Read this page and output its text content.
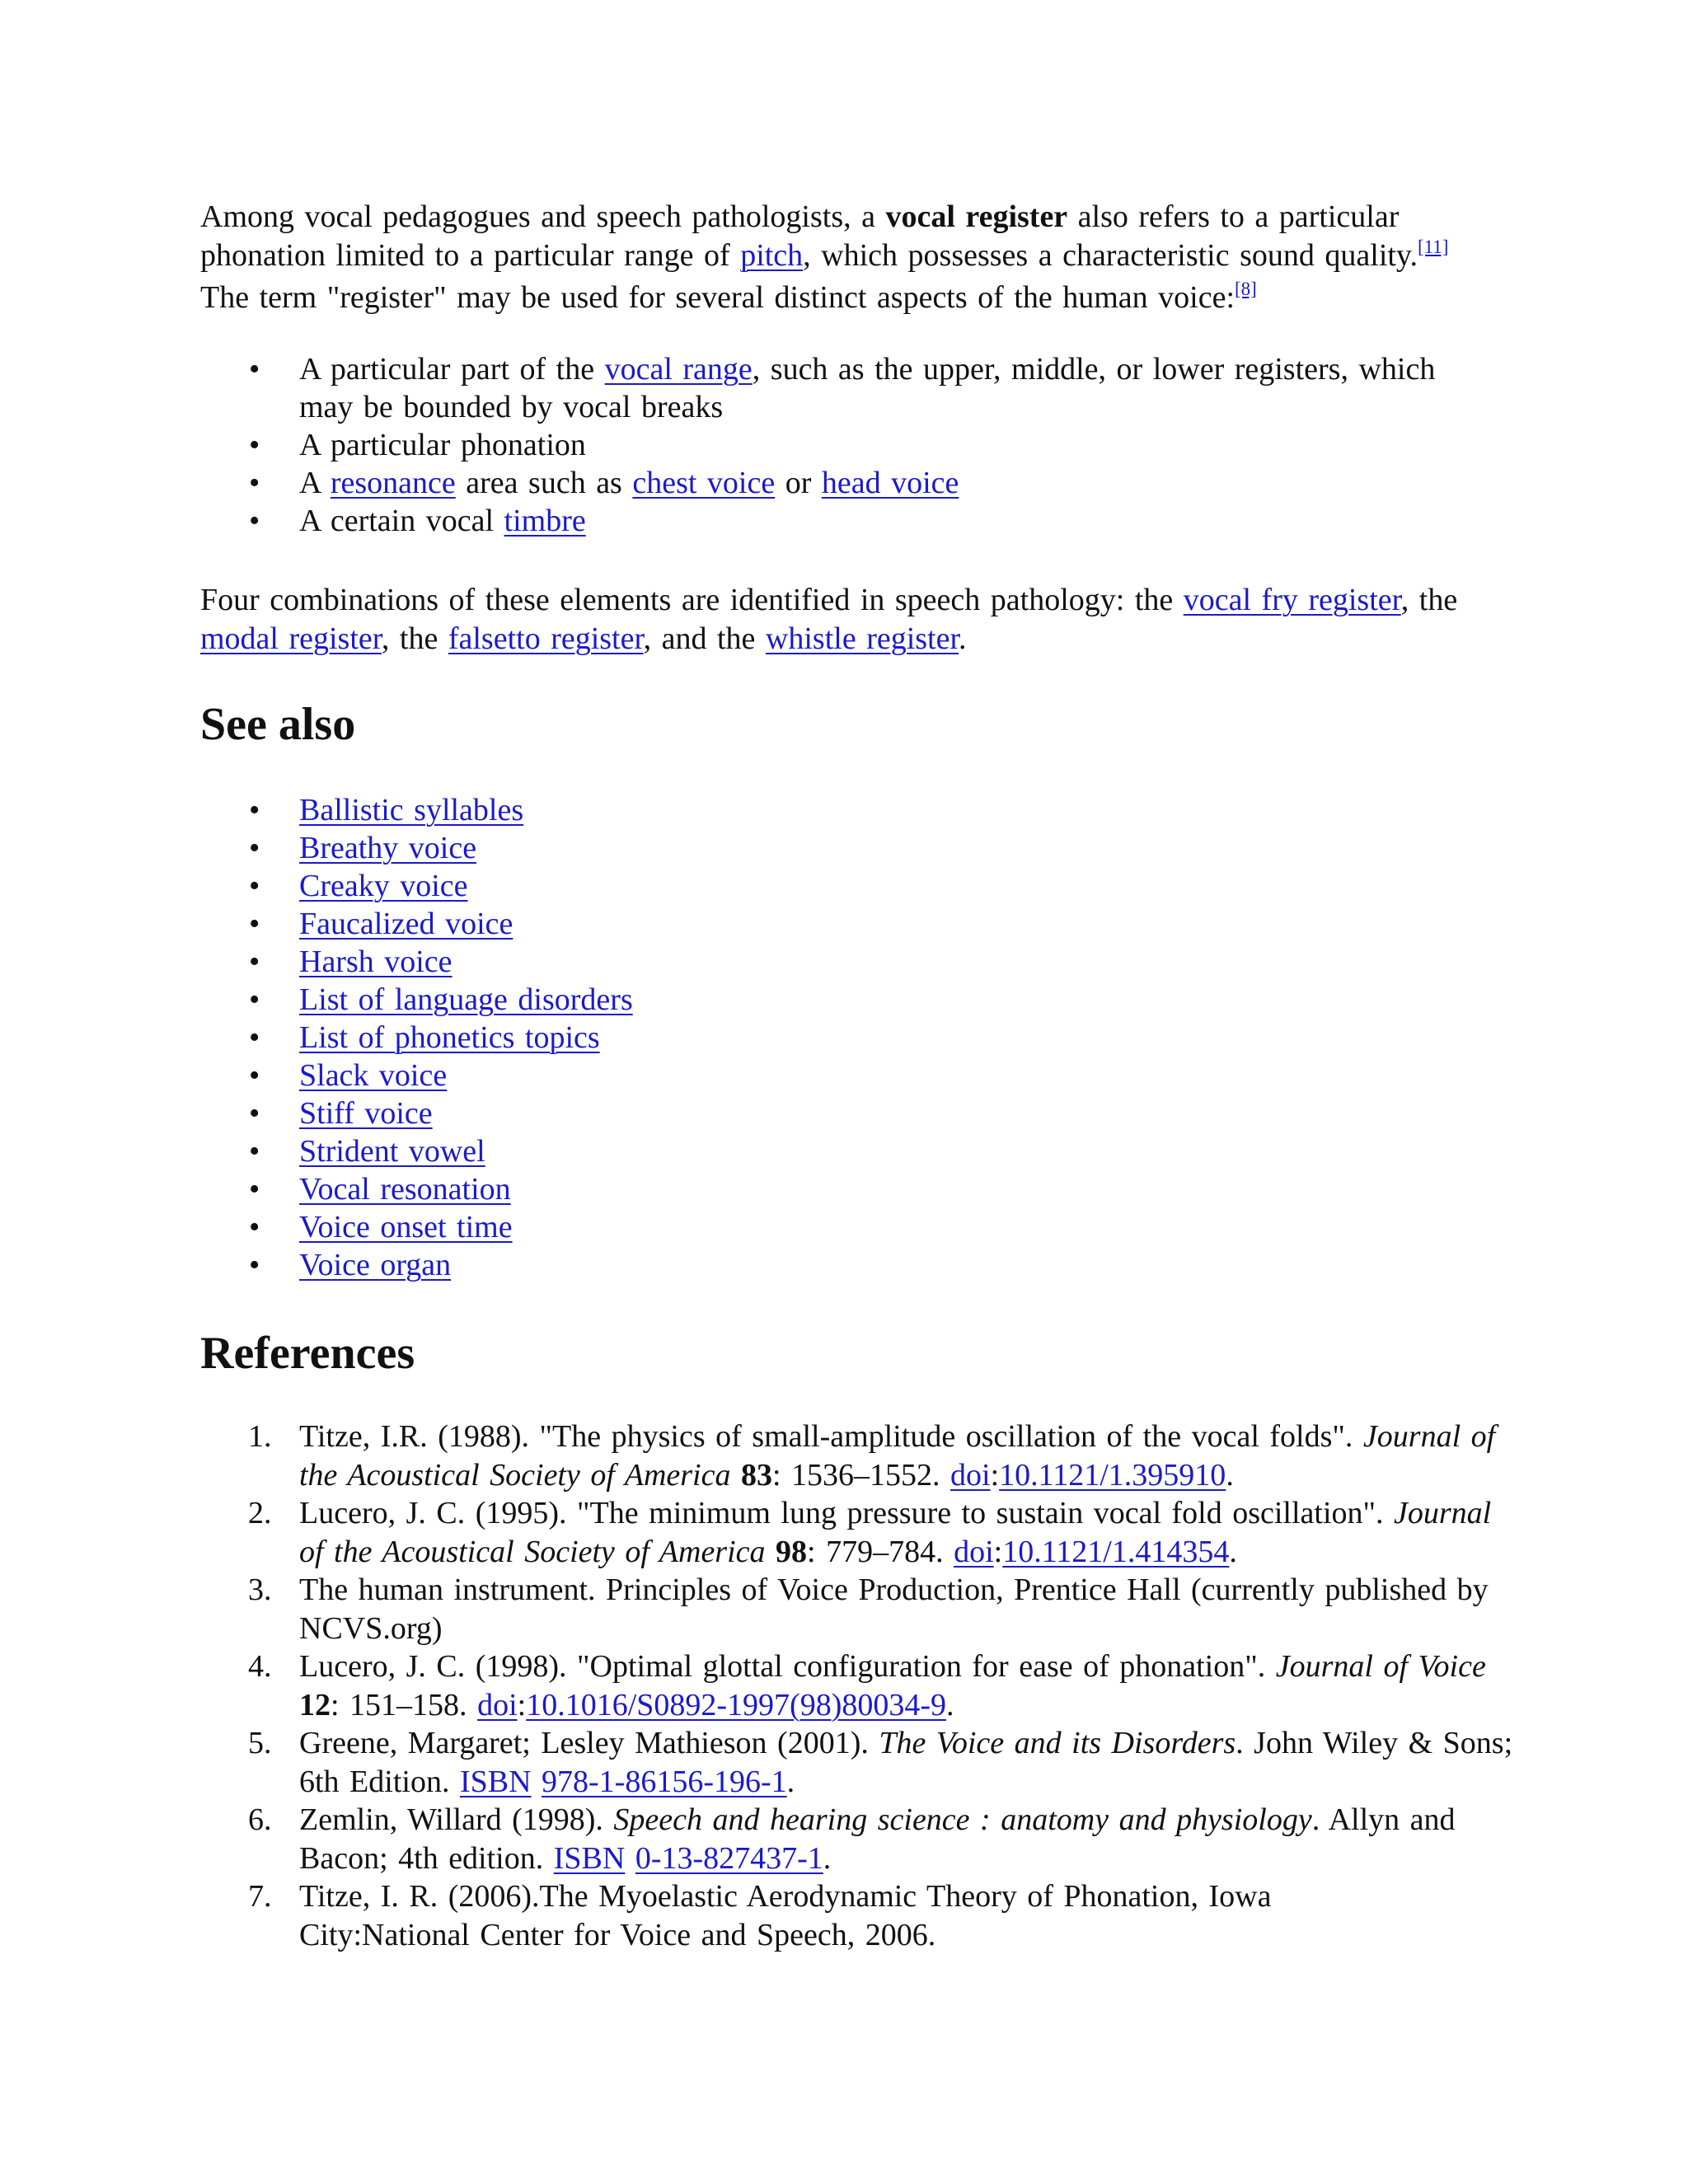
Among vocal pedagogues and speech pathologists, a vocal register also refers to a particular phonation limited to a particular range of pitch, which possesses a characteristic sound quality.[11] The term "register" may be used for several distinct aspects of the human voice:[8]

• A particular part of the vocal range, such as the upper, middle, or lower registers, which may be bounded by vocal breaks
• A particular phonation
• A resonance area such as chest voice or head voice
• A certain vocal timbre

Four combinations of these elements are identified in speech pathology: the vocal fry register, the modal register, the falsetto register, and the whistle register.

See also
• Ballistic syllables
• Breathy voice
• Creaky voice
• Faucalized voice
• Harsh voice
• List of language disorders
• List of phonetics topics
• Slack voice
• Stiff voice
• Strident vowel
• Vocal resonation
• Voice onset time
• Voice organ
References
1. Titze, I.R. (1988). "The physics of small-amplitude oscillation of the vocal folds". Journal of the Acoustical Society of America 83: 1536–1552. doi:10.1121/1.395910.
2. Lucero, J. C. (1995). "The minimum lung pressure to sustain vocal fold oscillation". Journal of the Acoustical Society of America 98: 779–784. doi:10.1121/1.414354.
3. The human instrument. Principles of Voice Production, Prentice Hall (currently published by NCVS.org)
4. Lucero, J. C. (1998). "Optimal glottal configuration for ease of phonation". Journal of Voice 12: 151–158. doi:10.1016/S0892-1997(98)80034-9.
5. Greene, Margaret; Lesley Mathieson (2001). The Voice and its Disorders. John Wiley & Sons; 6th Edition. ISBN 978-1-86156-196-1.
6. Zemlin, Willard (1998). Speech and hearing science : anatomy and physiology. Allyn and Bacon; 4th edition. ISBN 0-13-827437-1.
7. Titze, I. R. (2006).The Myoelastic Aerodynamic Theory of Phonation, Iowa City:National Center for Voice and Speech, 2006.
